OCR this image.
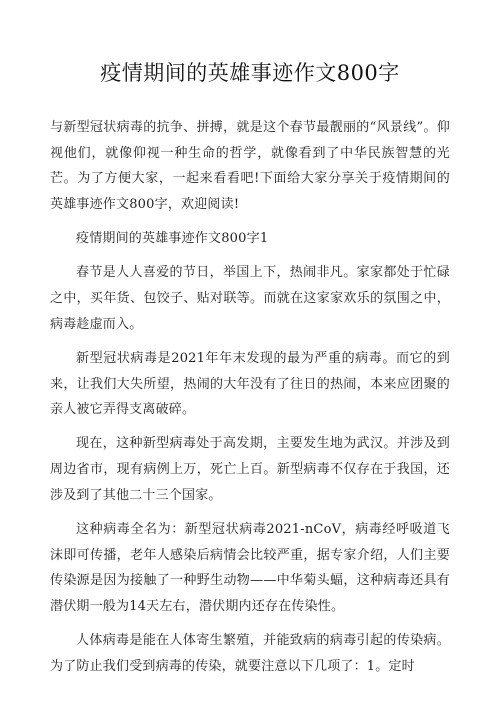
疫情期间的英雄事迹作文800字

与新型冠状病毒的抗争、拼搏，就是这个春节最靓丽的“风景线”。仰视他们，就像仰视一种生命的哲学，就像看到了中华民族智慧的光芒。为了方便大家，一起来看看吧!下面给大家分享关于疫情期间的英雄事迹作文800字，欢迎阅读!

疫情期间的英雄事迹作文800字1

春节是人人喜爱的节日，举国上下，热闹非凡。家家都处于忙碌之中，买年货、包饺子、贴对联等。而就在这家家欢乐的氛围之中，病毒趁虚而入。

新型冠状病毒是2021年年末发现的最为严重的病毒。而它的到来，让我们大失所望，热闹的大年没有了往日的热闹，本来应团聚的亲人被它弄得支离破碎。

现在，这种新型病毒处于高发期，主要发生地为武汉。并涉及到周边省市，现有病例上万，死亡上百。新型病毒不仅存在于我国，还涉及到了其他二十三个国家。

这种病毒全名为：新型冠状病毒2021-nCoV，病毒经呼吸道飞沫即可传播，老年人感染后病情会比较严重，据专家介绍，人们主要传染源是因为接触了一种野生动物——中华菊头蝠，这种病毒还具有潜伏期一般为14天左右，潜伏期内还存在传染性。

人体病毒是能在人体寄生繁殖，并能致病的病毒引起的传染病。为了防止我们受到病毒的传染，就要注意以下几项了：1。定时
